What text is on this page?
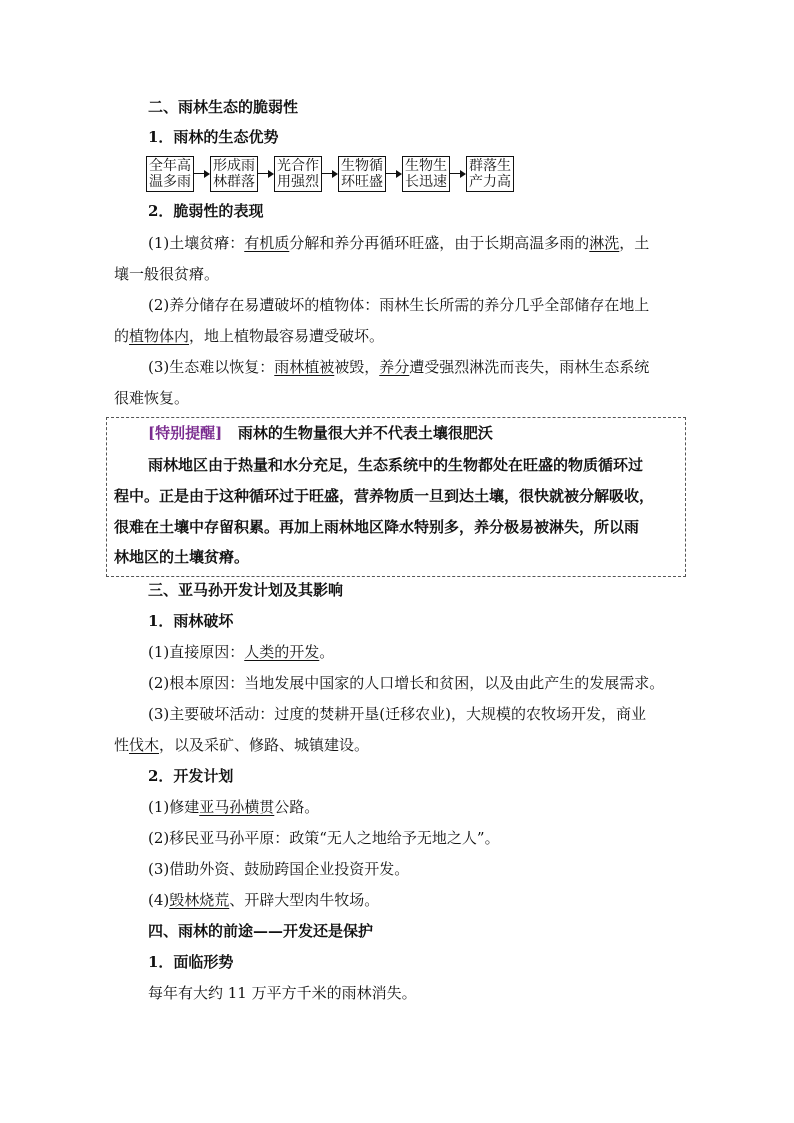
二、雨林生态的脆弱性
1．雨林的生态优势
全年高
温多雨
形成雨
林群落
光合作
用强烈
生物循
环旺盛
生物生
长迅速
群落生
产力高
2．脆弱性的表现
(1)土壤贫瘠：有机质分解和养分再循环旺盛，由于长期高温多雨的淋洗，土
壤一般很贫瘠。
(2)养分储存在易遭破坏的植物体：雨林生长所需的养分几乎全部储存在地上
的植物体内，地上植物最容易遭受破坏。
(3)生态难以恢复：雨林植被被毁，养分遭受强烈淋洗而丧失，雨林生态系统
很难恢复。
[特别提醒] 雨林的生物量很大并不代表土壤很肥沃
雨林地区由于热量和水分充足，生态系统中的生物都处在旺盛的物质循环过
程中。正是由于这种循环过于旺盛，营养物质一旦到达土壤，很快就被分解吸收，
很难在土壤中存留积累。再加上雨林地区降水特别多，养分极易被淋失，所以雨
林地区的土壤贫瘠。
三、亚马孙开发计划及其影响
1．雨林破坏
(1)直接原因：人类的开发。
(2)根本原因：当地发展中国家的人口增长和贫困，以及由此产生的发展需求。
(3)主要破坏活动：过度的焚耕开垦(迁移农业)，大规模的农牧场开发，商业
性伐木，以及采矿、修路、城镇建设。
2．开发计划
(1)修建亚马孙横贯公路。
(2)移民亚马孙平原：政策“无人之地给予无地之人”。
(3)借助外资、鼓励跨国企业投资开发。
(4)毁林烧荒、开辟大型肉牛牧场。
四、雨林的前途——开发还是保护
1．面临形势
每年有大约 11 万平方千米的雨林消失。
